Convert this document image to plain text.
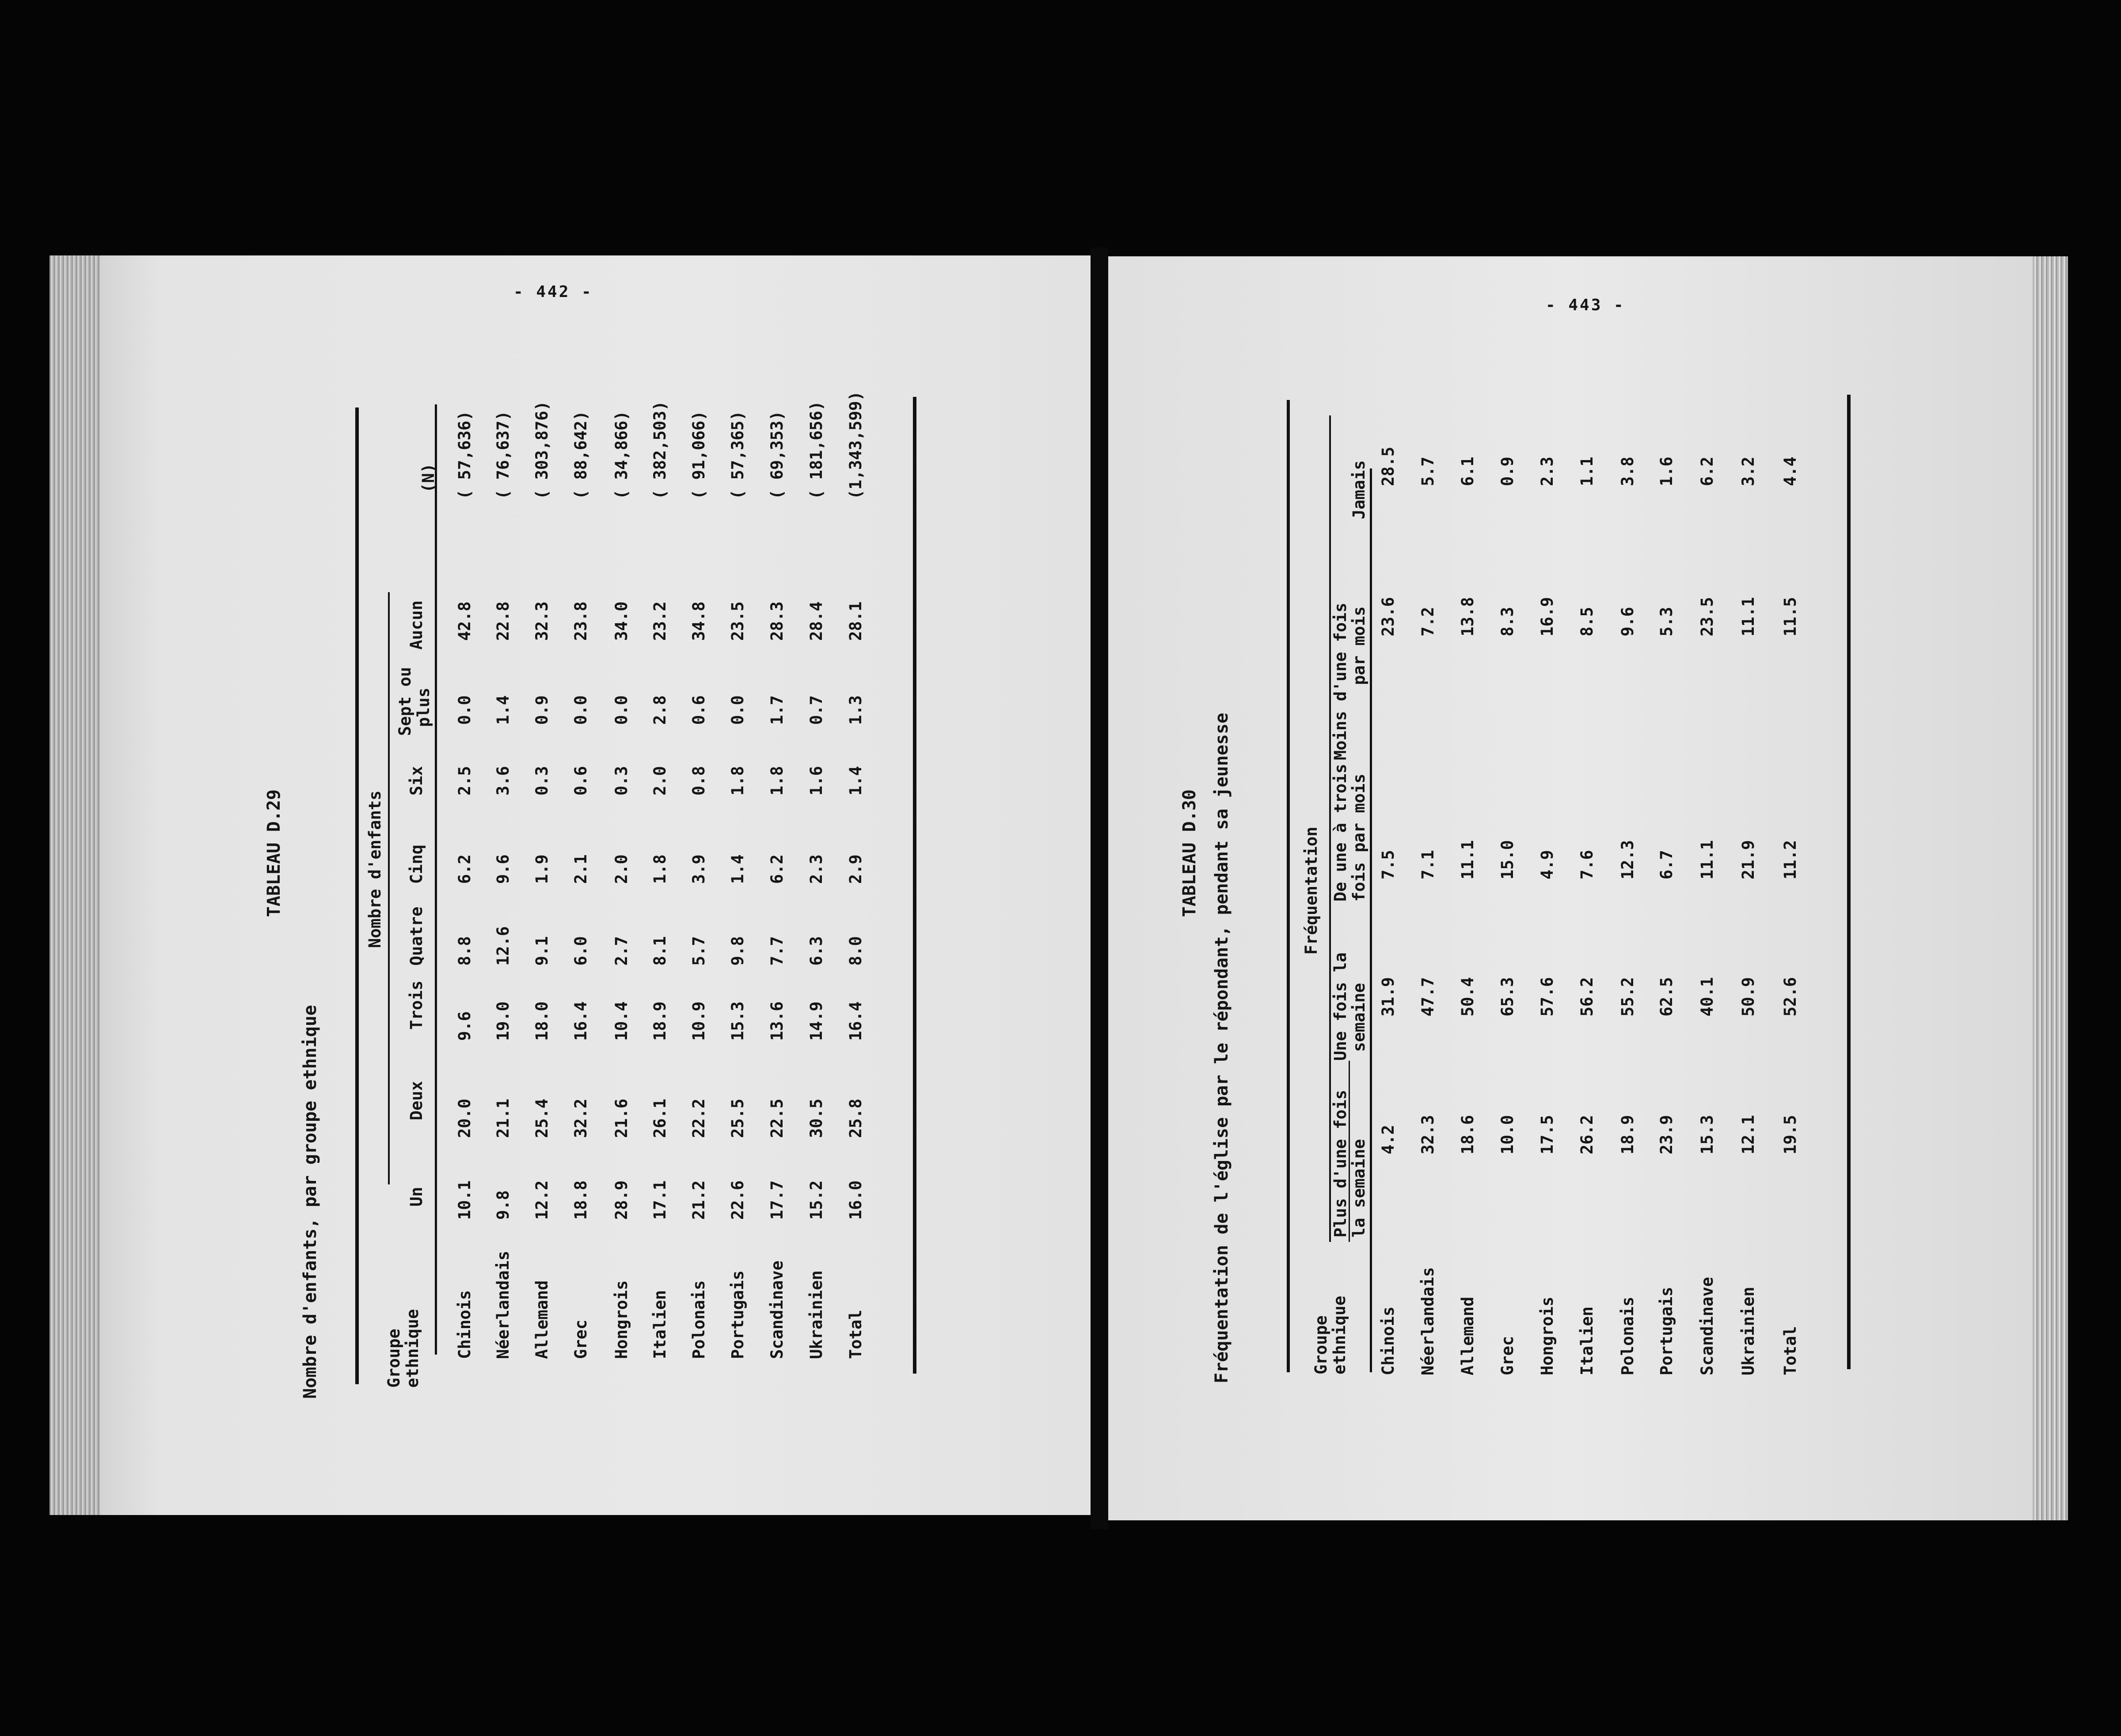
- 442 -
TABLEAU D.29
Nombre d'enfants, par groupe ethnique
Nombre d'enfants
Groupe ethnique
Un
Deux
Trois
Quatre
Cinq
Six
Sept ou plus
Aucun
(N)
Chinois
10.1
20.0
9.6
8.8
6.2
2.5
0.0
42.8
( 57,636)
Néerlandais
9.8
21.1
19.0
12.6
9.6
3.6
1.4
22.8
( 76,637)
Allemand
12.2
25.4
18.0
9.1
1.9
0.3
0.9
32.3
( 303,876)
Grec
18.8
32.2
16.4
6.0
2.1
0.6
0.0
23.8
( 88,642)
Hongrois
28.9
21.6
10.4
2.7
2.0
0.3
0.0
34.0
( 34,866)
Italien
17.1
26.1
18.9
8.1
1.8
2.0
2.8
23.2
( 382,503)
Polonais
21.2
22.2
10.9
5.7
3.9
0.8
0.6
34.8
( 91,066)
Portugais
22.6
25.5
15.3
9.8
1.4
1.8
0.0
23.5
( 57,365)
Scandinave
17.7
22.5
13.6
7.7
6.2
1.8
1.7
28.3
( 69,353)
Ukrainien
15.2
30.5
14.9
6.3
2.3
1.6
0.7
28.4
( 181,656)
Total
16.0
25.8
16.4
8.0
2.9
1.4
1.3
28.1
(1,343,599)
- 443 -
TABLEAU D.30 Fréquentation de l'église par le répondant, pendant sa jeunesse	Fréquentation
Groupe ethnique
Plus d'une fois la semaine
Une fois la semaine
De une à trois fois par mois
Moins d'une fois par mois
Jamais
Chinois
4.2
31.9
7.5
23.6
28.5
Néerlandais
32.3
47.7
7.1
7.2
5.7
Allemand
18.6
50.4
11.1
13.8
6.1
Grec
10.0
65.3
15.0
8.3
0.9
Hongrois
17.5
57.6
4.9
16.9
2.3
Italien
26.2
56.2
7.6
8.5
1.1
Polonais
18.9
55.2
12.3
9.6
3.8
Portugais
23.9
62.5
6.7
5.3
1.6
Scandinave
15.3
40.1
11.1
23.5
6.2
Ukrainien
12.1
50.9
21.9
11.1
3.2
Total
19.5
52.6
11.2
11.5
4.4
